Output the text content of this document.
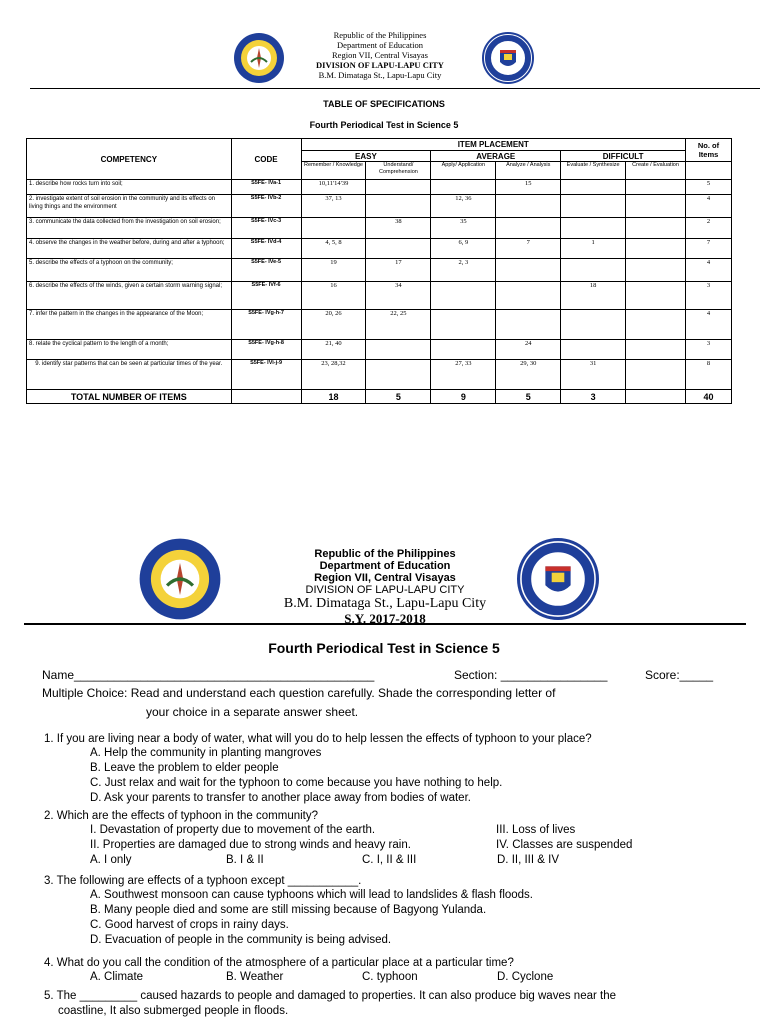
Republic of the Philippines
Department of Education
Region VII, Central Visayas
DIVISION OF LAPU-LAPU CITY
B.M. Dimataga St., Lapu-Lapu City
TABLE OF SPECIFICATIONS
Fourth Periodical Test in Science 5
COMPETENCY	CODE	ITEM PLACEMENT						No. of Items
		EASY		AVERAGE		DIFFICULT		
		Remember / Knowledge	Understand/ Comprehension	Apply/ Application	Analyze / Analysis	Evaluate / Synthesize	Create / Evaluation	
1. describe how rocks turn into soil;	S5FE- IVa-1	10,11'14'39			15			5
2. investigate extent of soil erosion in the community and its effects on living things and the environment	S5FE- IVb-2	37, 13		12, 36				4
3. communicate the data collected from the investigation on soil erosion;	S5FE- IVc-3		38	35				2
4. observe the changes in the weather before, during and after a typhoon;	S5FE- IVd-4	4, 5, 8		6, 9	7	1		7
5. describe the effects of a typhoon on the community;	S5FE- IVe-5	19	17	2, 3				4
6. describe the effects of the winds, given a certain storm warning signal;	S5FE- IVf-6	16	34			18		3
7. infer the pattern in the changes in the appearance of the Moon;	S5FE- IVg-h-7	20, 26	22, 25					4
8. relate the cyclical pattern to the length of a month;	S5FE- IVg-h-8	21, 40			24			3
9. identify star patterns that can be seen at particular times of the year.	S5FE- IVi-j-9	23, 28,32		27, 33	29, 30	31		8
TOTAL NUMBER OF ITEMS		18	5	9	5	3		40
Republic of the Philippines
Department of Education
Region VII, Central Visayas
DIVISION OF LAPU-LAPU CITY
B.M. Dimataga St., Lapu-Lapu City
S.Y. 2017-2018
Fourth Periodical Test in Science 5
Name_____________________________________________	Section: ________________	Score:_____
Multiple Choice: Read and understand each question carefully. Shade the corresponding letter of
your choice in a separate answer sheet.
1. If you are living near a body of water, what will you do to help lessen the effects of typhoon to your place?
A. Help the community in planting mangroves
B. Leave the problem to elder people
C. Just relax and wait for the typhoon to come because you have nothing to help.
D. Ask your parents to transfer to another place away from bodies of water.
2. Which are the effects of typhoon in the community?
I. Devastation of property due to movement of the earth.	III. Loss of lives
II. Properties are damaged due to strong winds and heavy rain.	IV. Classes are suspended
A. I only	B. I & II	C. I, II & III	D. II, III & IV
3. The following are effects of a typhoon except ___________.
A. Southwest monsoon can cause typhoons which will lead to landslides & flash floods.
B. Many people died and some are still missing because of Bagyong Yulanda.
C. Good harvest of crops in rainy days.
D. Evacuation of people in the community is being advised.
4. What do you call the condition of the atmosphere of a particular place at a particular time?
A. Climate	B. Weather	C. typhoon	D. Cyclone
5. The _________ caused hazards to people and damaged to properties. It can also produce big waves near the
coastline, It also submerged people in floods.
